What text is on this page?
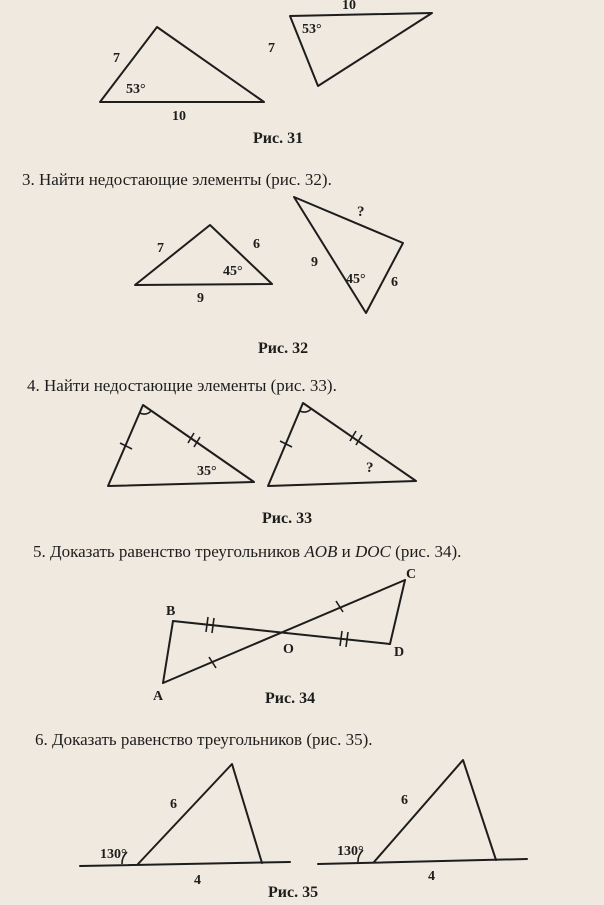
Рис. 31

3. Найти недостающие элементы (рис. 32).

Рис. 32

4. Найти недостающие элементы (рис. 33).

Рис. 33

5. Доказать равенство треугольников AOB и DOC (рис. 34).

Рис. 34

6. Доказать равенство треугольников (рис. 35).

Рис. 35
7
53°
10
10
53°
7
7	6
45°
9
?
9
45° 6
35°	?
B
C
A
D
O
6
130°
4
6
130°
4
